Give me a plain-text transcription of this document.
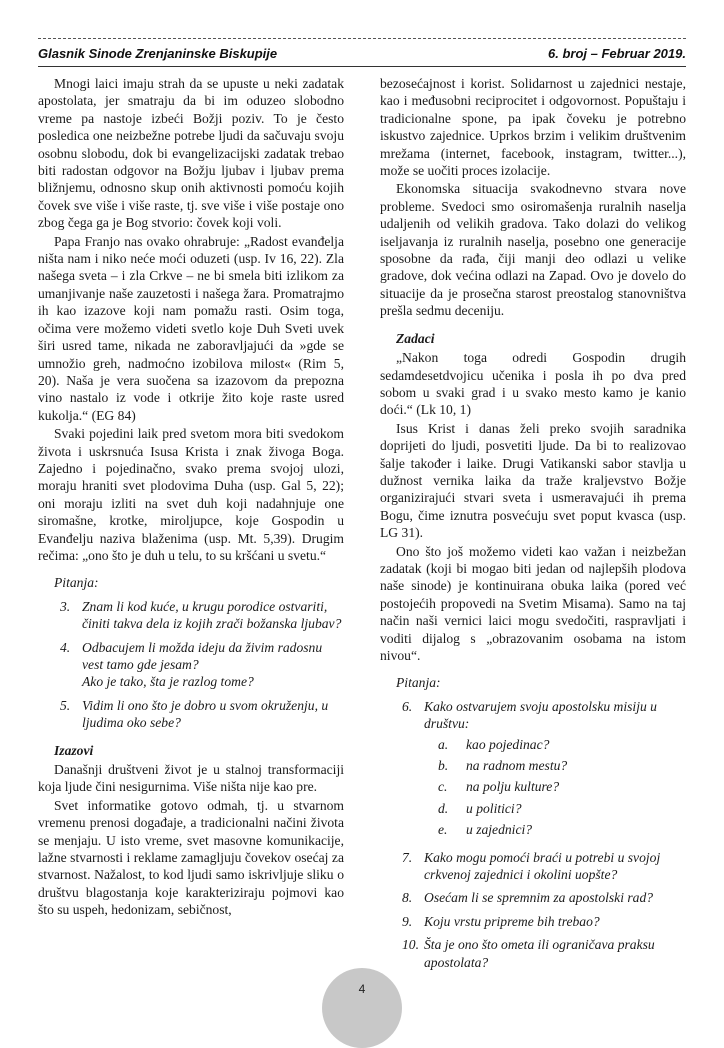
Glasnik Sinode Zrenjaninske Biskupije	6. broj – Februar 2019.

Mnogi laici imaju strah da se upuste u neki zadatak apostolata, jer smatraju da bi im oduzeo slobodno vreme pa nastoje izbeći Božji poziv. To je često posledica one neizbežne potrebe ljudi da sačuvaju svoju osobnu slobodu, dok bi evangelizacijski zadatak trebao biti radostan odgovor na Božju ljubav i ljubav prema bližnjemu, odnosno skup onih aktivnosti pomoću kojih čovek sve više i više raste, tj. sve više i više postaje ono zbog čega ga je Bog stvorio: čovek koji voli.

Papa Franjo nas ovako ohrabruje: „Radost evanđelja ništa nam i niko neće moći oduzeti (usp. Iv 16, 22). Zla našega sveta – i zla Crkve – ne bi smela biti izlikom za umanjivanje naše zauzetosti i našega žara. Promatrajmo ih kao izazove koji nam pomažu rasti. Osim toga, očima vere možemo videti svetlo koje Duh Sveti uvek širi usred tame, nikada ne zaboravljajući da »gde se umnožio greh, nadmoćno izobilova milost« (Rim 5, 20). Naša je vera suočena sa izazovom da prepozna vino nastalo iz vode i otkrije žito koje raste usred kukolja.“ (EG 84)

Svaki pojedini laik pred svetom mora biti svedokom života i uskrsnuća Isusa Krista i znak živoga Boga. Zajedno i pojedinačno, svako prema svojoj ulozi, moraju hraniti svet plodovima Duha (usp. Gal 5, 22); oni moraju izliti na svet duh koji nadahnjuje one siromašne, krotke, miroljupce, koje Gospodin u Evanđelju naziva blaženima (usp. Mt. 5,39). Drugim rečima: „ono što je duh u telu, to su kršćani u svetu.“

Pitanja:
3. Znam li kod kuće, u krugu porodice ostvariti, činiti takva dela iz kojih zrači božanska ljubav?
4. Odbacujem li možda ideju da živim radosnu vest tamo gde jesam?
Ako je tako, šta je razlog tome?
5. Vidim li ono što je dobro u svom okruženju, u ljudima oko sebe?
Izazovi

Današnji društveni život je u stalnoj transformaciji koja ljude čini nesigurnima. Više ništa nije kao pre.

Svet informatike gotovo odmah, tj. u stvarnom vremenu prenosi događaje, a tradicionalni načini života se menjaju. U isto vreme, svet masovne komunikacije, lažne stvarnosti i reklame zamagljuju čovekov osećaj za stvarnost. Nažalost, to kod ljudi samo iskrivljuje sliku o društvu blagostanja koje karakteriziraju pojmovi kao što su uspeh, hedonizam, sebičnost,

bezosećajnost i korist. Solidarnost u zajednici nestaje, kao i međusobni reciprocitet i odgovornost. Popuštaju i tradicionalne spone, pa ipak čoveku je potrebno iskustvo zajednice. Uprkos brzim i velikim društvenim mrežama (internet, facebook, instagram, twitter...), može se uočiti proces izolacije.

Ekonomska situacija svakodnevno stvara nove probleme. Svedoci smo osiromašenja ruralnih naselja udaljenih od velikih gradova. Tako dolazi do velikog iseljavanja iz ruralnih naselja, posebno one generacije sposobne da rađa, čiji manji deo odlazi u velike gradove, dok većina odlazi na Zapad. Ovo je dovelo do situacije da je prosečna starost preostalog stanovništva prešla sedmu deceniju.

Zadaci

„Nakon toga odredi Gospodin drugih sedamdesetdvojicu učenika i posla ih po dva pred sobom u svaki grad i u svako mesto kamo je kanio doći.“ (Lk 10, 1)

Isus Krist i danas želi preko svojih saradnika doprijeti do ljudi, posvetiti ljude. Da bi to realizovao šalje također i laike. Drugi Vatikanski sabor stavlja u dužnost vernika laika da traže kraljevstvo Božje organizirajući stvari sveta i usmeravajući ih prema Bogu, čime iznutra posvećuju svet poput kvasca (usp. LG 31).

Ono što još možemo videti kao važan i neizbežan zadatak (koji bi mogao biti jedan od najlepših plodova naše sinode) je kontinuirana obuka laika (pored već postojećih propovedi na Svetim Misama). Samo na taj način naši vernici laici mogu svedočiti, raspravljati i voditi dijalog s „obrazovanim osobama na istom nivou“.

Pitanja:
6. Kako ostvarujem svoju apostolsku misiju u društvu:
a.	kao pojedinac?
b.	na radnom mestu?
c.	na polju kulture?
d.	u politici?
e.	u zajednici?
7. Kako mogu pomoći braći u potrebi u svojoj crkvenoj zajednici i okolini uopšte?
8. Osećam li se spremnim za apostolski rad?
9. Koju vrstu pripreme bih trebao?
10. Šta je ono što ometa ili ograničava praksu apostolata?
4
